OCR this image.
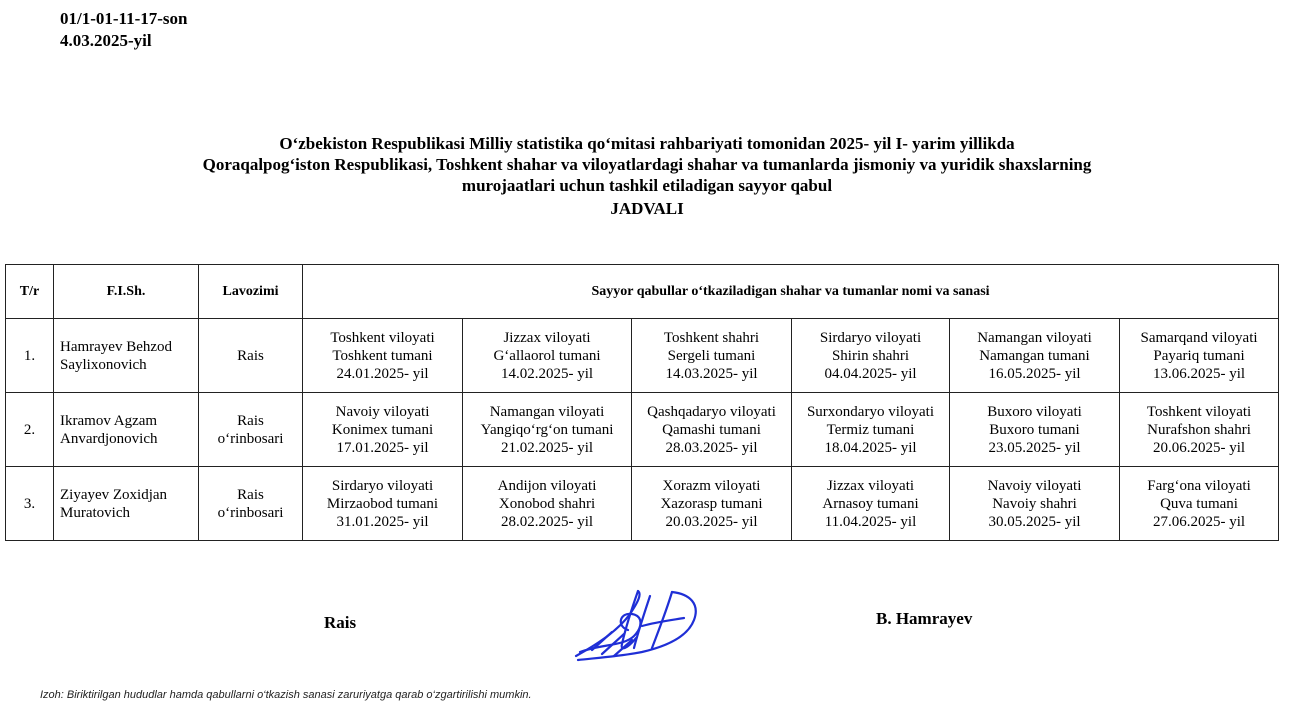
01/1-01-11-17-son
4.03.2025-yil
O‘zbekiston Respublikasi Milliy statistika qo‘mitasi rahbariyati tomonidan 2025- yil I- yarim yillikda
Qoraqalpog‘iston Respublikasi, Toshkent shahar va viloyatlardagi shahar va tumanlarda jismoniy va yuridik shaxslarning
murojaatlari uchun tashkil etiladigan sayyor qabul
JADVALI
T/r	F.I.Sh.	Lavozimi	Sayyor qabullar o‘tkaziladigan shahar va tumanlar nomi va sanasi					
1.	Hamrayev Behzod
Saylixonovich	Rais	Toshkent viloyati
Toshkent tumani
24.01.2025- yil	Jizzax viloyati
G‘allaorol tumani
14.02.2025- yil	Toshkent shahri
Sergeli tumani
14.03.2025- yil	Sirdaryo viloyati
Shirin shahri
04.04.2025- yil	Namangan viloyati
Namangan tumani
16.05.2025- yil	Samarqand viloyati
Payariq tumani
13.06.2025- yil

2.	Ikramov Agzam
Anvardjonovich	Rais
o‘rinbosari	Navoiy viloyati
Konimex tumani
17.01.2025- yil	Namangan viloyati
Yangiqo‘rg‘on tumani
21.02.2025- yil	Qashqadaryo viloyati
Qamashi tumani
28.03.2025- yil	Surxondaryo viloyati
Termiz tumani
18.04.2025- yil	Buxoro viloyati
Buxoro tumani
23.05.2025- yil	Toshkent viloyati
Nurafshon shahri
20.06.2025- yil

3.	Ziyayev Zoxidjan
Muratovich	Rais
o‘rinbosari	Sirdaryo viloyati
Mirzaobod tumani
31.01.2025- yil	Andijon viloyati
Xonobod shahri
28.02.2025- yil	Xorazm viloyati
Xazorasp tumani
20.03.2025- yil	Jizzax viloyati
Arnasoy tumani
11.04.2025- yil	Navoiy viloyati
Navoiy shahri
30.05.2025- yil	Farg‘ona viloyati
Quva tumani
27.06.2025- yil
Rais	B. Hamrayev
Izoh: Biriktirilgan hududlar hamda qabullarni o‘tkazish sanasi zaruriyatga qarab o‘zgartirilishi mumkin.
